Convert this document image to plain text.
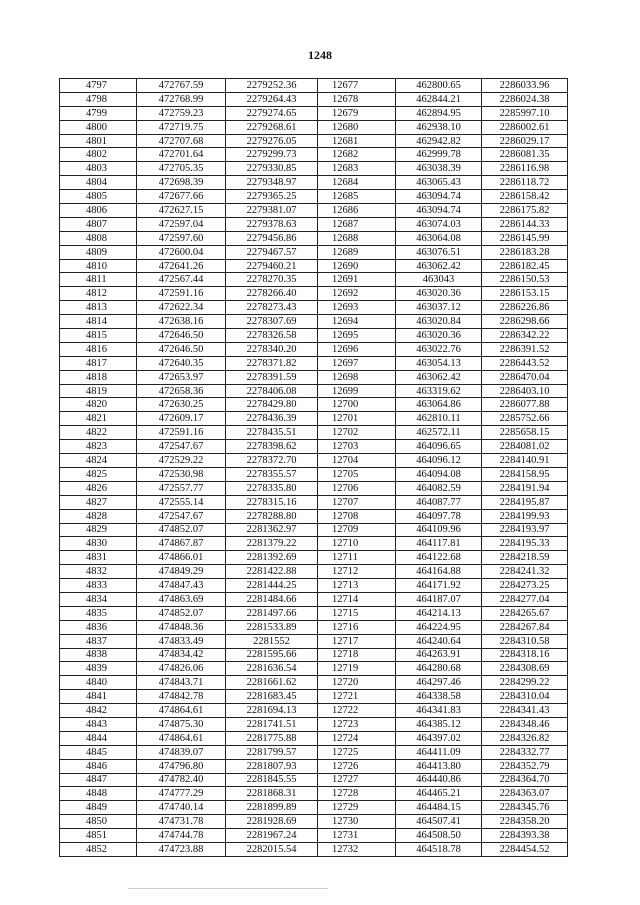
1248
4797	472767.59	2279252.36	12677	462800.65	2286033.96
4798	472768.99	2279264.43	12678	462844.21	2286024.38
4799	472759.23	2279274.65	12679	462894.95	2285997.10
4800	472719.75	2279268.61	12680	462938.10	2286002.61
4801	472707.68	2279276.05	12681	462942.82	2286029.17
4802	472701.64	2279299.73	12682	462999.78	2286081.35
4803	472705.35	2279330.85	12683	463038.39	2286116.98
4804	472698.39	2279348.97	12684	463065.43	2286118.72
4805	472677.66	2279365.25	12685	463094.74	2286158.42
4806	472627.15	2279381.07	12686	463094.74	2286175.82
4807	472597.04	2279378.63	12687	463074.03	2286144.33
4808	472597.60	2279456.86	12688	463064.08	2286145.99
4809	472600.04	2279467.57	12689	463076.51	2286183.28
4810	472641.26	2279460.21	12690	463062.42	2286182.45
4811	472567.44	2278270.35	12691	463043	2286150.53
4812	472591.16	2278266.40	12692	463020.36	2286153.15
4813	472622.34	2278273.43	12693	463037.12	2286226.86
4814	472638.16	2278307.69	12694	463020.84	2286298.66
4815	472646.50	2278326.58	12695	463020.36	2286342.22
4816	472646.50	2278340.20	12696	463022.76	2286391.52
4817	472640.35	2278371.82	12697	463054.13	2286443.52
4818	472653.97	2278391.59	12698	463062.42	2286470.04
4819	472658.36	2278406.08	12699	463319.62	2286403.10
4820	472630.25	2278429.80	12700	463064.86	2286077.88
4821	472609.17	2278436.39	12701	462810.11	2285752.66
4822	472591.16	2278435.51	12702	462572.11	2285658.15
4823	472547.67	2278398.62	12703	464096.65	2284081.02
4824	472529.22	2278372.70	12704	464096.12	2284140.91
4825	472530.98	2278355.57	12705	464094.08	2284158.95
4826	472557.77	2278335.80	12706	464082.59	2284191.94
4827	472555.14	2278315.16	12707	464087.77	2284195.87
4828	472547.67	2278288.80	12708	464097.78	2284199.93
4829	474852.07	2281362.97	12709	464109.96	2284193.97
4830	474867.87	2281379.22	12710	464117.81	2284195.33
4831	474866.01	2281392.69	12711	464122.68	2284218.59
4832	474849.29	2281422.88	12712	464164.88	2284241.32
4833	474847.43	2281444.25	12713	464171.92	2284273.25
4834	474863.69	2281484.66	12714	464187.07	2284277.04
4835	474852.07	2281497.66	12715	464214.13	2284265.67
4836	474848.36	2281533.89	12716	464224.95	2284267.84
4837	474833.49	2281552	12717	464240.64	2284310.58
4838	474834.42	2281595.66	12718	464263.91	2284318.16
4839	474826.06	2281636.54	12719	464280.68	2284308.69
4840	474843.71	2281661.62	12720	464297.46	2284299.22
4841	474842.78	2281683.45	12721	464338.58	2284310.04
4842	474864.61	2281694.13	12722	464341.83	2284341.43
4843	474875.30	2281741.51	12723	464385.12	2284348.46
4844	474864.61	2281775.88	12724	464397.02	2284326.82
4845	474839.07	2281799.57	12725	464411.09	2284332.77
4846	474796.80	2281807.93	12726	464413.80	2284352.79
4847	474782.40	2281845.55	12727	464440.86	2284364.70
4848	474777.29	2281868.31	12728	464465.21	2284363.07
4849	474740.14	2281899.89	12729	464484.15	2284345.76
4850	474731.78	2281928.69	12730	464507.41	2284358.20
4851	474744.78	2281967.24	12731	464508.50	2284393.38
4852	474723.88	2282015.54	12732	464518.78	2284454.52
